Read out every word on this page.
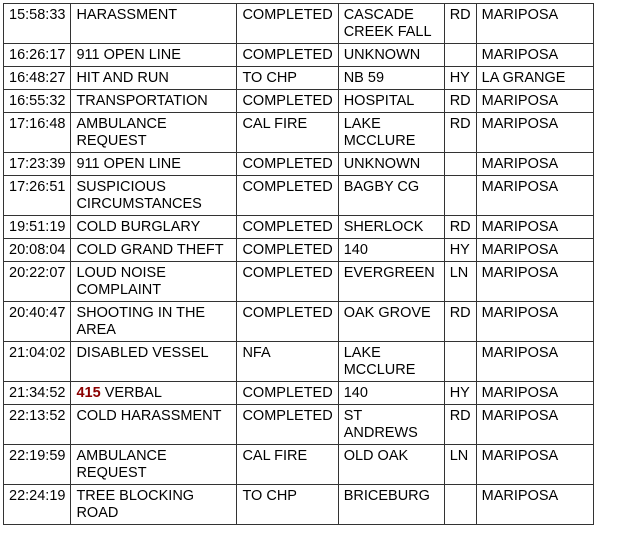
15:58:33	HARASSMENT	COMPLETED	CASCADE CREEK FALL	RD	MARIPOSA
16:26:17	911 OPEN LINE	COMPLETED	UNKNOWN		MARIPOSA
16:48:27	HIT AND RUN	TO CHP	NB 59	HY	LA GRANGE
16:55:32	TRANSPORTATION	COMPLETED	HOSPITAL	RD	MARIPOSA
17:16:48	AMBULANCE REQUEST	CAL FIRE	LAKE MCCLURE	RD	MARIPOSA
17:23:39	911 OPEN LINE	COMPLETED	UNKNOWN		MARIPOSA
17:26:51	SUSPICIOUS CIRCUMSTANCES	COMPLETED	BAGBY CG		MARIPOSA
19:51:19	COLD BURGLARY	COMPLETED	SHERLOCK	RD	MARIPOSA
20:08:04	COLD GRAND THEFT	COMPLETED	140	HY	MARIPOSA
20:22:07	LOUD NOISE COMPLAINT	COMPLETED	EVERGREEN	LN	MARIPOSA
20:40:47	SHOOTING IN THE AREA	COMPLETED	OAK GROVE	RD	MARIPOSA
21:04:02	DISABLED VESSEL	NFA	LAKE MCCLURE		MARIPOSA
21:34:52	415 VERBAL	COMPLETED	140	HY	MARIPOSA
22:13:52	COLD HARASSMENT	COMPLETED	ST ANDREWS	RD	MARIPOSA
22:19:59	AMBULANCE REQUEST	CAL FIRE	OLD OAK	LN	MARIPOSA
22:24:19	TREE BLOCKING ROAD	TO CHP	BRICEBURG		MARIPOSA
